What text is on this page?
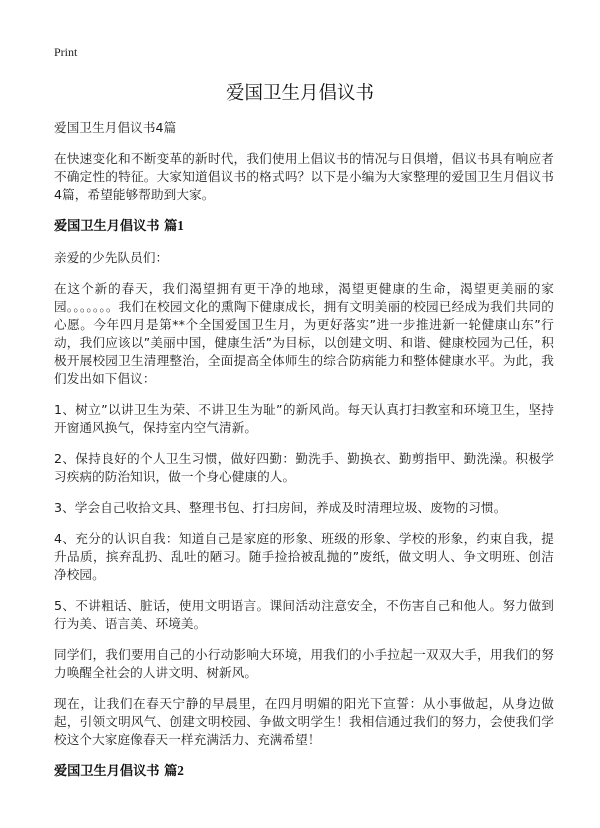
Print
爱国卫生月倡议书

爱国卫生月倡议书4篇

在快速变化和不断变革的新时代，我们使用上倡议书的情况与日俱增，倡议书具有响应者不确定性的特征。大家知道倡议书的格式吗？以下是小编为大家整理的爱国卫生月倡议书4篇，希望能够帮助到大家。

爱国卫生月倡议书 篇1

亲爱的少先队员们：

在这个新的春天，我们渴望拥有更干净的地球，渴望更健康的生命，渴望更美丽的家园。。。。。。。我们在校园文化的熏陶下健康成长，拥有文明美丽的校园已经成为我们共同的心愿。今年四月是第**个全国爱国卫生月，为更好落实”进一步推进新一轮健康山东”行动，我们应该以”美丽中国，健康生活”为目标，以创建文明、和谐、健康校园为己任，积极开展校园卫生清理整治，全面提高全体师生的综合防病能力和整体健康水平。为此，我们发出如下倡议：

1、树立”以讲卫生为荣、不讲卫生为耻”的新风尚。每天认真打扫教室和环境卫生，坚持开窗通风换气，保持室内空气清新。

2、保持良好的个人卫生习惯，做好四勤：勤洗手、勤换衣、勤剪指甲、勤洗澡。积极学习疾病的防治知识，做一个身心健康的人。

3、学会自己收拾文具、整理书包、打扫房间，养成及时清理垃圾、废物的习惯。

4、充分的认识自我：知道自己是家庭的形象、班级的形象、学校的形象，约束自我，提升品质，摈弃乱扔、乱吐的陋习。随手捡拾被乱抛的”废纸，做文明人、争文明班、创洁净校园。

5、不讲粗话、脏话，使用文明语言。课间活动注意安全，不伤害自己和他人。努力做到行为美、语言美、环境美。

同学们，我们要用自己的小行动影响大环境，用我们的小手拉起一双双大手，用我们的努力唤醒全社会的人讲文明、树新风。

现在，让我们在春天宁静的早晨里，在四月明媚的阳光下宣誓：从小事做起，从身边做起，引领文明风气、创建文明校园、争做文明学生！我相信通过我们的努力，会使我们学校这个大家庭像春天一样充满活力、充满希望！

爱国卫生月倡议书 篇2
